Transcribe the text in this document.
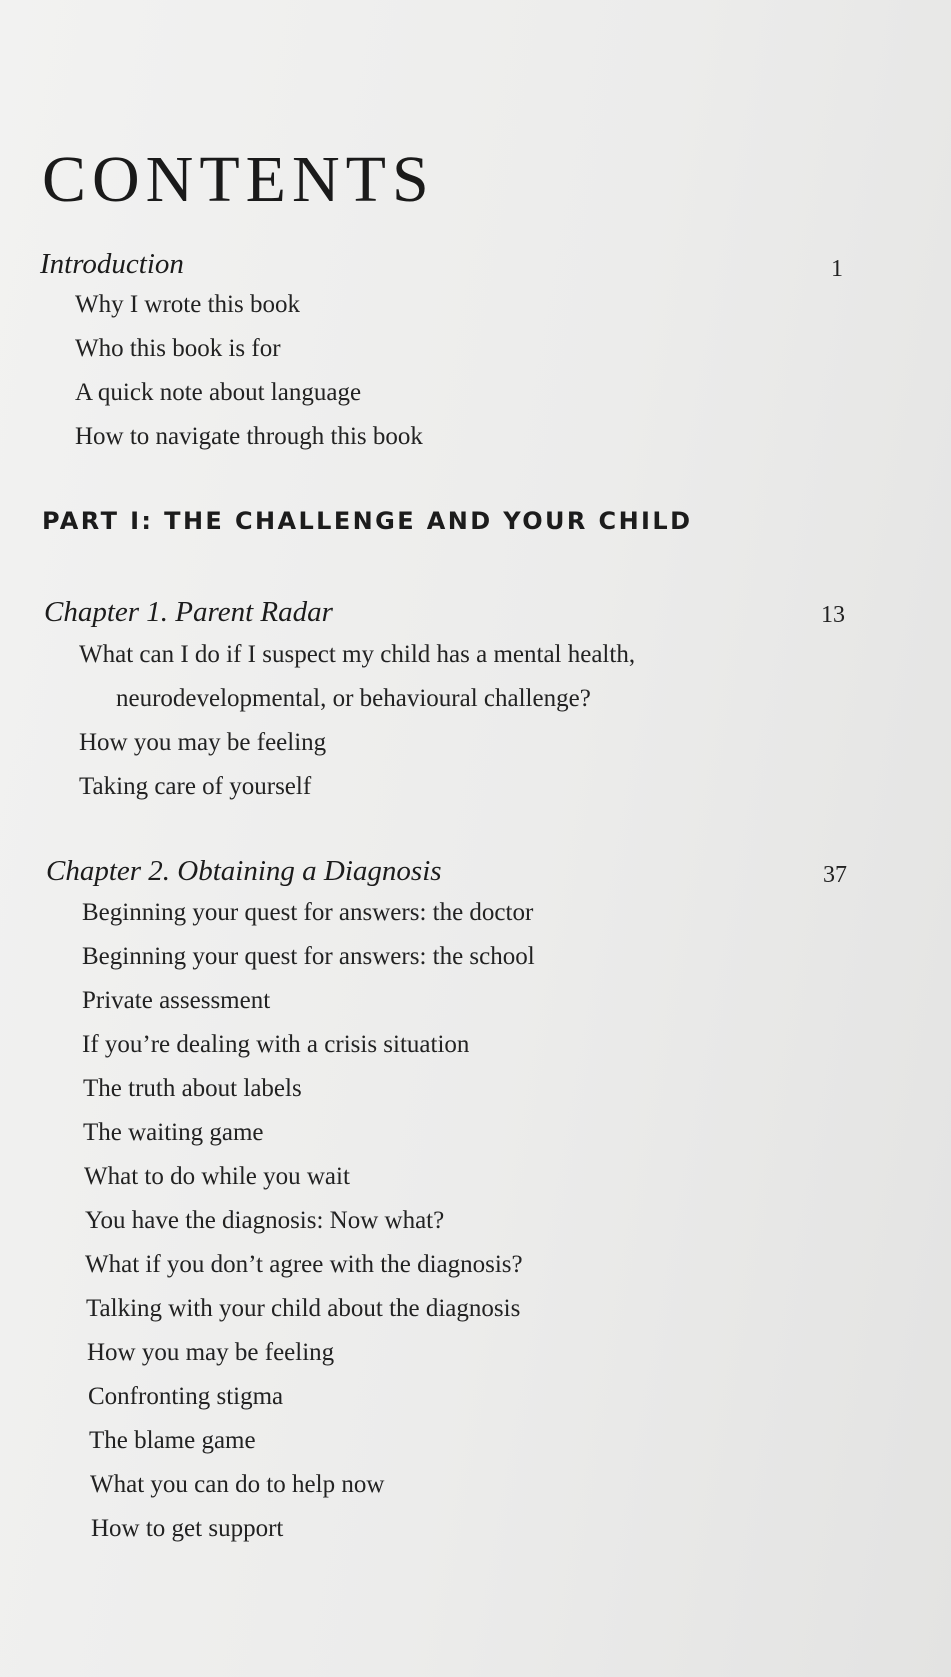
CONTENTS
Introduction	1
Why I wrote this book
Who this book is for
A quick note about language
How to navigate through this book
PART I: THE CHALLENGE AND YOUR CHILD
Chapter 1. Parent Radar	13
What can I do if I suspect my child has a mental health,
neurodevelopmental, or behavioural challenge?
How you may be feeling
Taking care of yourself
Chapter 2. Obtaining a Diagnosis	37
Beginning your quest for answers: the doctor
Beginning your quest for answers: the school
Private assessment
If you’re dealing with a crisis situation
The truth about labels
The waiting game
What to do while you wait
You have the diagnosis: Now what?
What if you don’t agree with the diagnosis?
Talking with your child about the diagnosis
How you may be feeling
Confronting stigma
The blame game
What you can do to help now
How to get support
